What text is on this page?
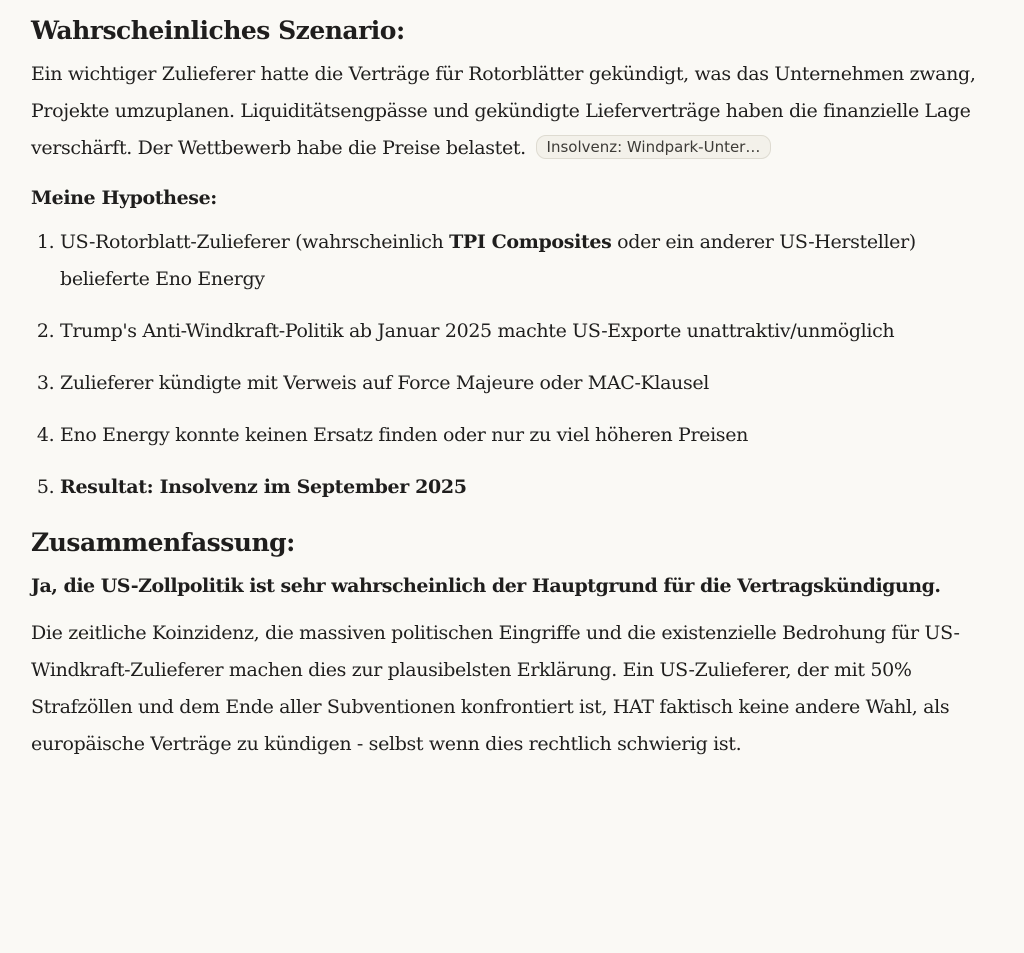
Wahrscheinliches Szenario:

Ein wichtiger Zulieferer hatte die Verträge für Rotorblätter gekündigt, was das Unternehmen zwang, Projekte umzuplanen. Liquiditätsengpässe und gekündigte Lieferverträge haben die finanzielle Lage verschärft. Der Wettbewerb habe die Preise belastet. Insolvenz: Windpark-Unter…

Meine Hypothese:
1. US-Rotorblatt-Zulieferer (wahrscheinlich TPI Composites oder ein anderer US-Hersteller) belieferte Eno Energy
2. Trump's Anti-Windkraft-Politik ab Januar 2025 machte US-Exporte unattraktiv/unmöglich
3. Zulieferer kündigte mit Verweis auf Force Majeure oder MAC-Klausel
4. Eno Energy konnte keinen Ersatz finden oder nur zu viel höheren Preisen
5. Resultat: Insolvenz im September 2025
Zusammenfassung:

Ja, die US-Zollpolitik ist sehr wahrscheinlich der Hauptgrund für die Vertragskündigung.

Die zeitliche Koinzidenz, die massiven politischen Eingriffe und die existenzielle Bedrohung für US-Windkraft-Zulieferer machen dies zur plausibelsten Erklärung. Ein US-Zulieferer, der mit 50% Strafzöllen und dem Ende aller Subventionen konfrontiert ist, HAT faktisch keine andere Wahl, als europäische Verträge zu kündigen - selbst wenn dies rechtlich schwierig ist.
